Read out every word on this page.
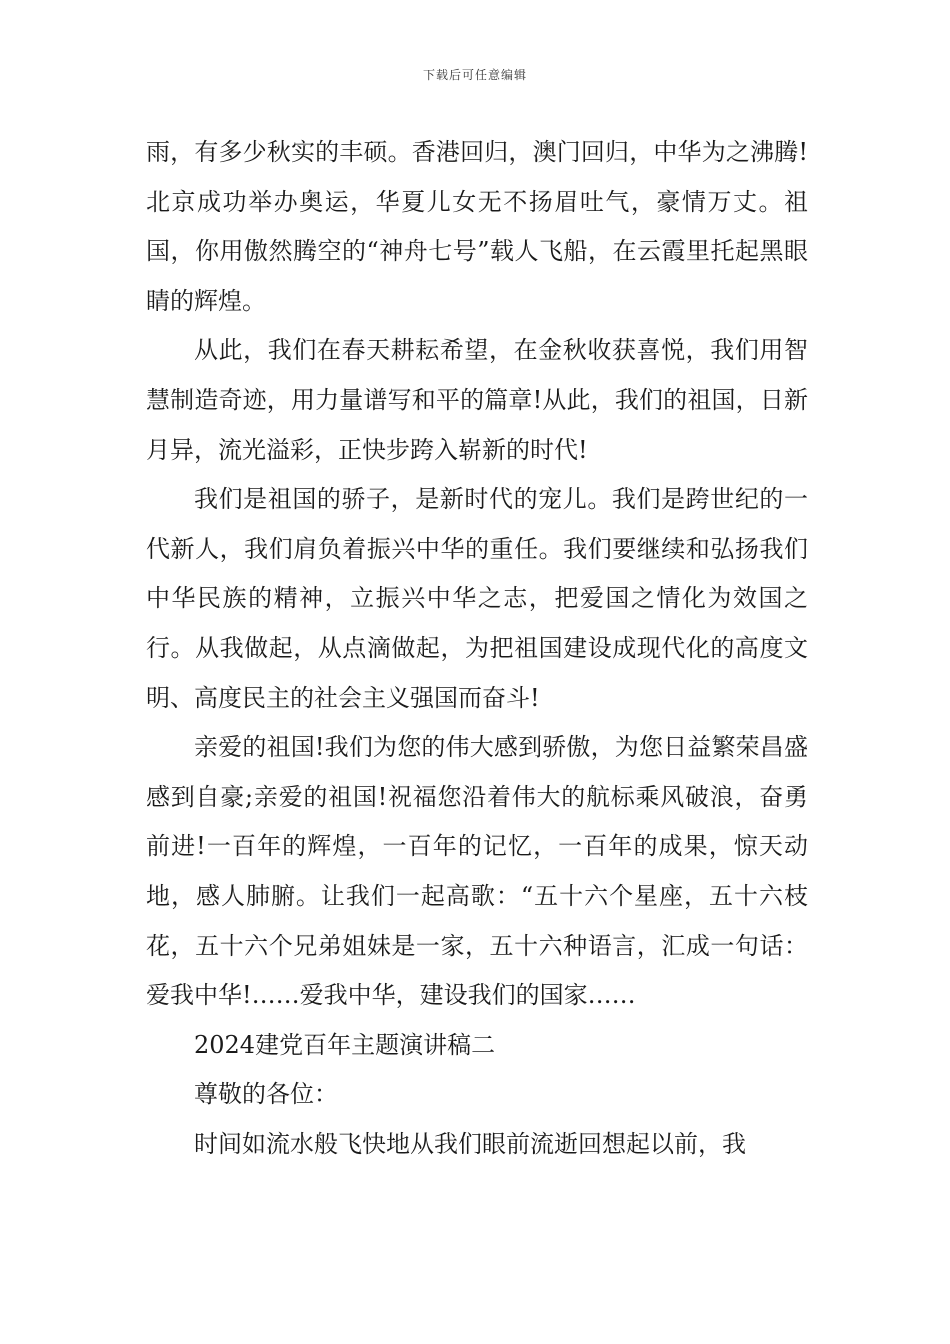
下载后可任意编辑

雨，有多少秋实的丰硕。香港回归，澳门回归，中华为之沸腾!北京成功举办奥运，华夏儿女无不扬眉吐气，豪情万丈。祖国，你用傲然腾空的“神舟七号”载人飞船，在云霞里托起黑眼睛的辉煌。

从此，我们在春天耕耘希望，在金秋收获喜悦，我们用智慧制造奇迹，用力量谱写和平的篇章!从此，我们的祖国，日新月异，流光溢彩，正快步跨入崭新的时代!

我们是祖国的骄子，是新时代的宠儿。我们是跨世纪的一代新人，我们肩负着振兴中华的重任。我们要继续和弘扬我们中华民族的精神，立振兴中华之志，把爱国之情化为效国之行。从我做起，从点滴做起，为把祖国建设成现代化的高度文明、高度民主的社会主义强国而奋斗!

亲爱的祖国!我们为您的伟大感到骄傲，为您日益繁荣昌盛感到自豪;亲爱的祖国!祝福您沿着伟大的航标乘风破浪，奋勇前进!一百年的辉煌，一百年的记忆，一百年的成果，惊天动地，感人肺腑。让我们一起高歌：“五十六个星座，五十六枝花，五十六个兄弟姐妹是一家，五十六种语言，汇成一句话：爱我中华!……爱我中华，建设我们的国家……

2024建党百年主题演讲稿二

尊敬的各位：

时间如流水般飞快地从我们眼前流逝回想起以前，我
